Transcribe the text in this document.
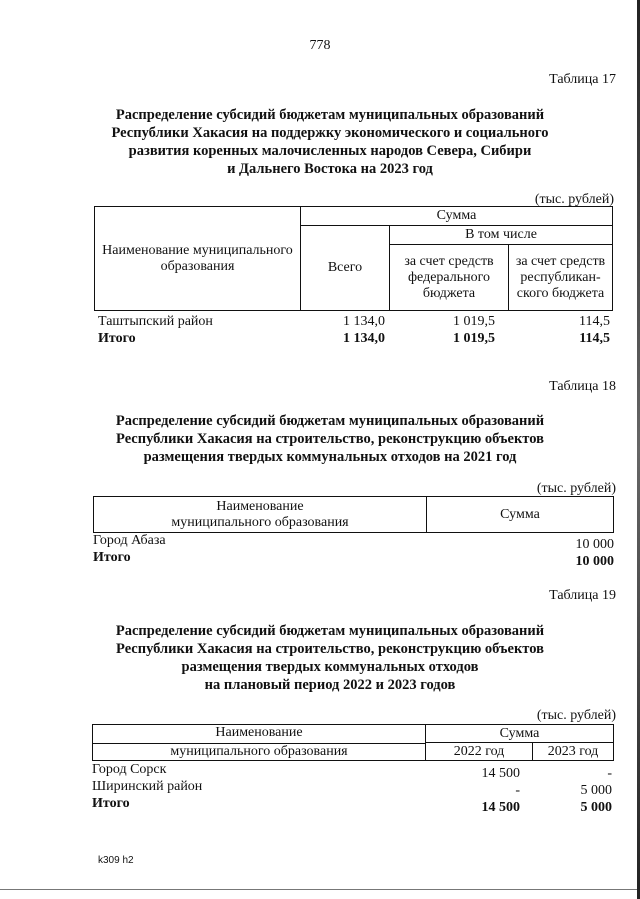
778
Таблица 17
Распределение субсидий бюджетам муниципальных образований
Республики Хакасия на поддержку экономического и социального
развития коренных малочисленных народов Севера, Сибири
и Дальнего Востока на 2023 год
(тыс. рублей)
Наименование муниципального образования	Сумма		
	Всего	В том числе	
		за счет средств федерального бюджета	за счет средств республикан-ского бюджета
Таштыпский район	1 134,0	1 019,5	114,5
Итого	1 134,0	1 019,5	114,5
Таблица 18
Распределение субсидий бюджетам муниципальных образований
Республики Хакасия на строительство, реконструкцию объектов
размещения твердых коммунальных отходов на 2021 год
(тыс. рублей)
Наименование
муниципального образования
	Сумма
Город Абаза	10 000
Итого	10 000
Таблица 19
Распределение субсидий бюджетам муниципальных образований
Республики Хакасия на строительство, реконструкцию объектов
размещения твердых коммунальных отходов
на плановый период 2022 и 2023 годов
(тыс. рублей)
Наименование
муниципального образования	Сумма	
	2022 год	2023 год
Город Сорск	14 500	-
Ширинский район	-	5 000
Итого	14 500	5 000
k309 h2
